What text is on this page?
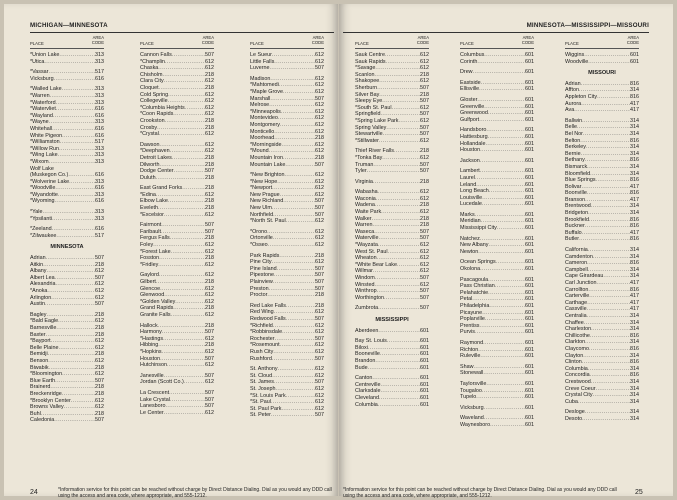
MICHIGAN—MINNESOTA
PLACE
AREA
CODE
*Union Lake .....	313
*Utica .....	313
*Vassar .....	517
Vicksburg .....	616
*Walled Lake .....	313
*Warren .....	313
*Waterford .....	313
*Watervliet .....	616
*Wayland .....	616
*Wayne .....	313
Whitehall .....	616
White Pigeon .....	616
*Williamston .....	517
*Willow Run .....	313
*Wing Lake .....	313
*Wixom .....	313
Wolf Lake
(Muskegon Co.) .....	616
*Wolverine Lake .....	313
*Woodville .....	616
*Wyandotte .....	313
*Wyoming .....	616
*Yale .....	313
*Ypsilanti .....	313
*Zeeland .....	616
*Zilwaukee .....	517
MINNESOTA
Adrian .....	507
Aitkin .....	218
Albany .....	612
Albert Lea .....	507
Alexandria .....	612
*Anoka .....	612
Arlington .....	612
Austin .....	507
Bagley .....	218
*Bald Eagle .....	612
Barnesville .....	218
Baxter .....	218
*Bayport .....	612
Belle Plaine .....	612
Bemidji .....	218
Benson .....	612
Biwabik .....	218
*Bloomington .....	612
Blue Earth .....	507
Brainerd .....	218
Breckenridge .....	218
*Brooklyn Center .....	612
Browns Valley .....	612
Buhl .....	218
Caledonia .....	507
PLACE
AREA
CODE
Cannon Falls .....	507
*Champlin .....	612
Chaska .....	612
Chisholm .....	218
Clara City .....	612
Cloquet .....	218
Cold Spring .....	612
Collegeville .....	612
*Columbia Heights .....	612
*Coon Rapids .....	612
Crookston .....	218
Crosby .....	218
*Crystal .....	612
Dawson .....	612
*Deephaven .....	612
Detroit Lakes .....	218
Dilworth .....	218
Dodge Center .....	507
Duluth .....	218
East Grand Forks .....	218
*Edina .....	612
Elbow Lake .....	218
Eveleth .....	218
*Excelsior .....	612
Fairmont .....	507
Faribault .....	507
Fergus Falls .....	218
Foley .....	612
*Forest Lake .....	612
Fosston .....	218
*Fridley .....	612
Gaylord .....	612
Gilbert .....	218
Glencoe .....	612
Glenwood .....	612
*Golden Valley .....	612
Grand Rapids .....	218
Granite Falls .....	612
Hallock .....	218
Harmony .....	507
*Hastings .....	612
Hibbing .....	218
*Hopkins .....	612
Houston .....	507
Hutchinson .....	612
Janesville .....	507
Jordan (Scott Co.) .....	612
La Crescent .....	507
Lake Crystal .....	507
Lanesboro .....	507
Le Center .....	612
PLACE
AREA
CODE
Le Sueur .....	612
Little Falls .....	612
Luverne .....	507
Madison .....	612
*Mahtomedi .....	612
*Maple Grove .....	612
Marshall .....	507
Melrose .....	612
*Minneapolis .....	612
Montevideo .....	612
Montgomery .....	612
Monticello .....	612
Moorhead .....	218
*Morningside .....	612
*Mound .....	612
Mountain Iron .....	218
Mountain Lake .....	507
*New Brighton .....	612
*New Hope .....	612
*Newport .....	612
New Prague .....	612
New Richland .....	507
New Ulm .....	507
Northfield .....	507
*North St. Paul .....	612
*Orono .....	612
Ortonville .....	612
*Osseo .....	612
Park Rapids .....	218
Pine City .....	612
Pine Island .....	507
Pipestone .....	507
Plainview .....	507
Preston .....	507
Proctor .....	218
Red Lake Falls .....	218
Red Wing .....	612
Redwood Falls .....	507
*Richfield .....	612
*Robbinsdale .....	612
Rochester .....	507
*Rosemount .....	612
Rush City .....	612
Rushford .....	507
St. Anthony .....	612
St. Cloud .....	612
St. James .....	507
St. Joseph .....	612
*St. Louis Park .....	612
*St. Paul .....	612
St. Paul Park .....	612
St. Peter .....	507
24	*Information service for this point can be reached without charge by Direct Distance Dialing. Dial as you would any DDD call using the access and area code, where appropriate, and 555-1212.
MINNESOTA—MISSISSIPPI—MISSOURI
PLACE
AREA
CODE
Sauk Centre .....	612
Sauk Rapids .....	612
*Savage .....	612
Scanlon .....	218
Shakopee .....	612
Sherburn .....	507
Silver Bay .....	218
Sleepy Eye .....	507
*South St. Paul .....	612
Springfield .....	507
*Spring Lake Park .....	612
Spring Valley .....	507
Stewartville .....	507
*Stillwater .....	612
Thief River Falls .....	218
*Tonka Bay .....	612
Truman .....	507
Tyler .....	507
Virginia .....	218
Wabasha .....	612
Waconia .....	612
Wadena .....	218
Waite Park .....	612
Walker .....	218
Warren .....	218
Waseca .....	507
Waterville .....	507
*Wayzata .....	612
West St. Paul .....	612
Wheaton .....	612
*White Bear Lake .....	612
Willmar .....	612
Windom .....	507
Winsted .....	612
Winthrop .....	507
Worthington .....	507
Zumbrota .....	507
MISSISSIPPI
Aberdeen .....	601
Bay St. Louis .....	601
Biloxi .....	601
Booneville .....	601
Brandon .....	601
Bude .....	601
Canton .....	601
Centreville .....	601
Clarksdale .....	601
Cleveland .....	601
Columbia .....	601
PLACE
AREA
CODE
Columbus .....	601
Corinth .....	601
Drew .....	601
Eastside .....	601
Ellisville .....	601
Gloster .....	601
Greenville .....	601
Greenwood .....	601
Gulfport .....	601
Handsboro .....	601
Hattiesburg .....	601
Hollandale .....	601
Houston .....	601
Jackson .....	601
Lambert .....	601
Laurel .....	601
Leland .....	601
Long Beach .....	601
Louisville .....	601
Lucedale .....	601
Marks .....	601
Meridian .....	601
Mississippi City .....	601
Natchez .....	601
New Albany .....	601
Newton .....	601
Ocean Springs .....	601
Okolona .....	601
Pascagoula .....	601
Pass Christian .....	601
Pelahatchie .....	601
Petal .....	601
Philadelphia .....	601
Picayune .....	601
Poplarville .....	601
Prentiss .....	601
Purvis .....	601
Raymond .....	601
Richton .....	601
Ruleville .....	601
Shaw .....	601
Stonewall .....	601
Taylorsville .....	601
Tougaloo .....	601
Tupelo .....	601
Vicksburg .....	601
Waveland .....	601
Waynesboro .....	601
PLACE
AREA
CODE
Wiggins .....	601
Woodville .....	601
MISSOURI
Adrian .....	816
Affton .....	314
Appleton City .....	816
Aurora .....	417
Ava .....	417
Ballwin .....	314
Belle .....	314
Bel Nor .....	314
Belton .....	816
Berkeley .....	314
Bernie .....	314
Bethany .....	816
Bismarck .....	314
Bloomfield .....	314
Blue Springs .....	816
Bolivar .....	417
Boonville .....	816
Branson .....	417
Brentwood .....	314
Bridgeton .....	314
Brookfield .....	816
Buckner .....	816
Buffalo .....	417
Butler .....	816
California .....	314
Camdenton .....	314
Cameron .....	816
Campbell .....	314
Cape Girardeau .....	314
Carl Junction .....	417
Carrollton .....	816
Carterville .....	417
Carthage .....	417
Cassville .....	417
Centralia .....	314
Chaffee .....	314
Charleston .....	314
Chillicothe .....	816
Clarkton .....	314
Claycomo .....	816
Clayton .....	314
Clinton .....	816
Columbia .....	314
Concordia .....	816
Crestwood .....	314
Creve Coeur .....	314
Crystal City .....	314
Cuba .....	314
Desloge .....	314
Desoto .....	314
25
*Information service for this point can be reached without charge by Direct Distance Dialing. Dial as you would any DDD call using the access and area code, where appropriate, and 555-1212.
